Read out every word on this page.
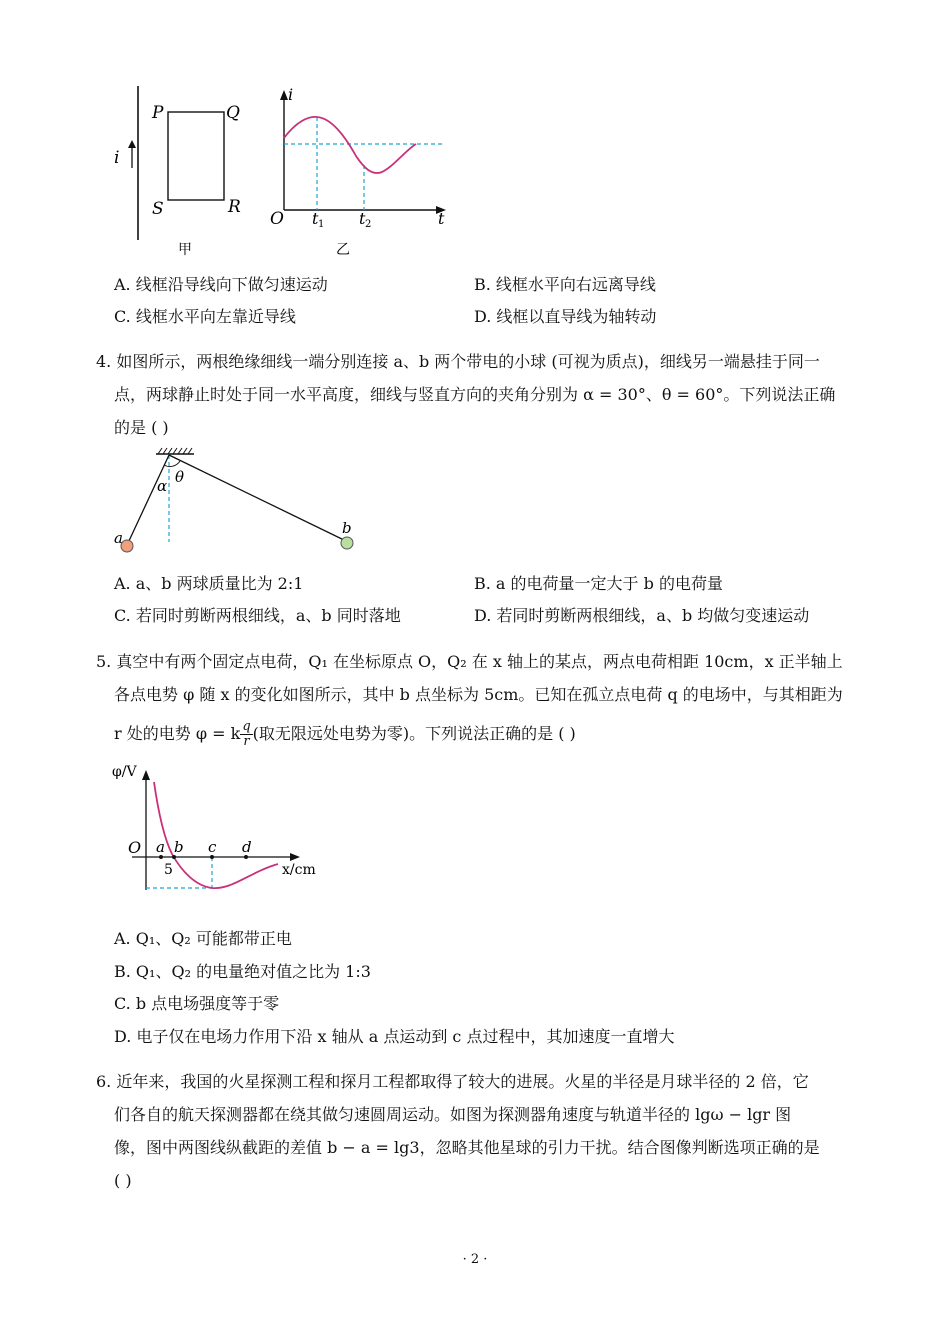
i
P	Q
S	R
甲
i
O t 1 t 2	t
乙
A. 线框沿导线向下做匀速运动	B. 线框水平向右远离导线
C. 线框水平向左靠近导线	D. 线框以直导线为轴转动
4. 如图所示，两根绝缘细线一端分别连接 a、b 两个带电的小球 (可视为质点)，细线另一端悬挂于同一
点，两球静止时处于同一水平高度，细线与竖直方向的夹角分别为 α = 30°、θ = 60°。下列说法正确
的是 ( )
α θ
a
b
A. a、b 两球质量比为 2:1	B. a 的电荷量一定大于 b 的电荷量
C. 若同时剪断两根细线，a、b 同时落地	D. 若同时剪断两根细线，a、b 均做匀变速运动
5. 真空中有两个固定点电荷，Q₁ 在坐标原点 O，Q₂ 在 x 轴上的某点，两点电荷相距 10cm，x 正半轴上
各点电势 φ 随 x 的变化如图所示，其中 b 点坐标为 5cm。已知在孤立点电荷 q 的电场中，与其相距为
r 处的电势 φ = k $\frac{q}{r}$ (取无限远处电势为零)。下列说法正确的是 ( )
φ/V
O a b c d
5	x/cm
A. Q₁、Q₂ 可能都带正电
B. Q₁、Q₂ 的电量绝对值之比为 1:3
C. b 点电场强度等于零
D. 电子仅在电场力作用下沿 x 轴从 a 点运动到 c 点过程中，其加速度一直增大
6. 近年来，我国的火星探测工程和探月工程都取得了较大的进展。火星的半径是月球半径的 2 倍，它
们各自的航天探测器都在绕其做匀速圆周运动。如图为探测器角速度与轨道半径的 lgω − lgr 图
像，图中两图线纵截距的差值 b − a = lg3，忽略其他星球的引力干扰。结合图像判断选项正确的是
( )
· 2 ·
